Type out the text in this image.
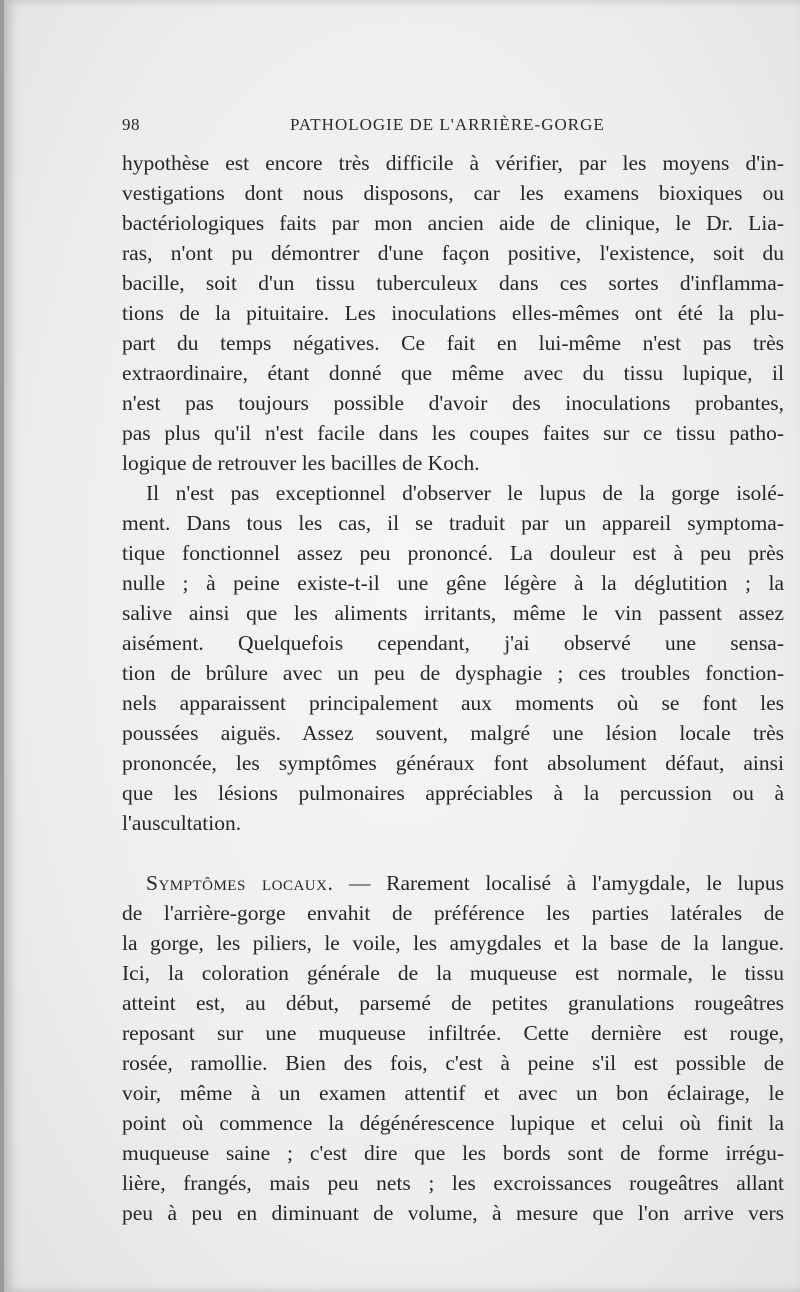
98	PATHOLOGIE DE L'ARRIÈRE-GORGE
hypothèse est encore très difficile à vérifier, par les moyens d'in-
vestigations dont nous disposons, car les examens bioxiques ou
bactériologiques faits par mon ancien aide de clinique, le Dr. Lia-
ras, n'ont pu démontrer d'une façon positive, l'existence, soit du
bacille, soit d'un tissu tuberculeux dans ces sortes d'inflamma-
tions de la pituitaire. Les inoculations elles-mêmes ont été la plu-
part du temps négatives. Ce fait en lui-même n'est pas très
extraordinaire, étant donné que même avec du tissu lupique, il
n'est pas toujours possible d'avoir des inoculations probantes,
pas plus qu'il n'est facile dans les coupes faites sur ce tissu patho-
logique de retrouver les bacilles de Koch.
Il n'est pas exceptionnel d'observer le lupus de la gorge isolé-
ment. Dans tous les cas, il se traduit par un appareil symptoma-
tique fonctionnel assez peu prononcé. La douleur est à peu près
nulle ; à peine existe-t-il une gêne légère à la déglutition ; la
salive ainsi que les aliments irritants, même le vin passent assez
aisément. Quelquefois cependant, j'ai observé une sensa-
tion de brûlure avec un peu de dysphagie ; ces troubles fonction-
nels apparaissent principalement aux moments où se font les
poussées aiguës. Assez souvent, malgré une lésion locale très
prononcée, les symptômes généraux font absolument défaut, ainsi
que les lésions pulmonaires appréciables à la percussion ou à
l'auscultation.
Symptômes locaux. — Rarement localisé à l'amygdale, le lupus
de l'arrière-gorge envahit de préférence les parties latérales de
la gorge, les piliers, le voile, les amygdales et la base de la langue.
Ici, la coloration générale de la muqueuse est normale, le tissu
atteint est, au début, parsemé de petites granulations rougeâtres
reposant sur une muqueuse infiltrée. Cette dernière est rouge,
rosée, ramollie. Bien des fois, c'est à peine s'il est possible de
voir, même à un examen attentif et avec un bon éclairage, le
point où commence la dégénérescence lupique et celui où finit la
muqueuse saine ; c'est dire que les bords sont de forme irrégu-
lière, frangés, mais peu nets ; les excroissances rougeâtres allant
peu à peu en diminuant de volume, à mesure que l'on arrive vers
